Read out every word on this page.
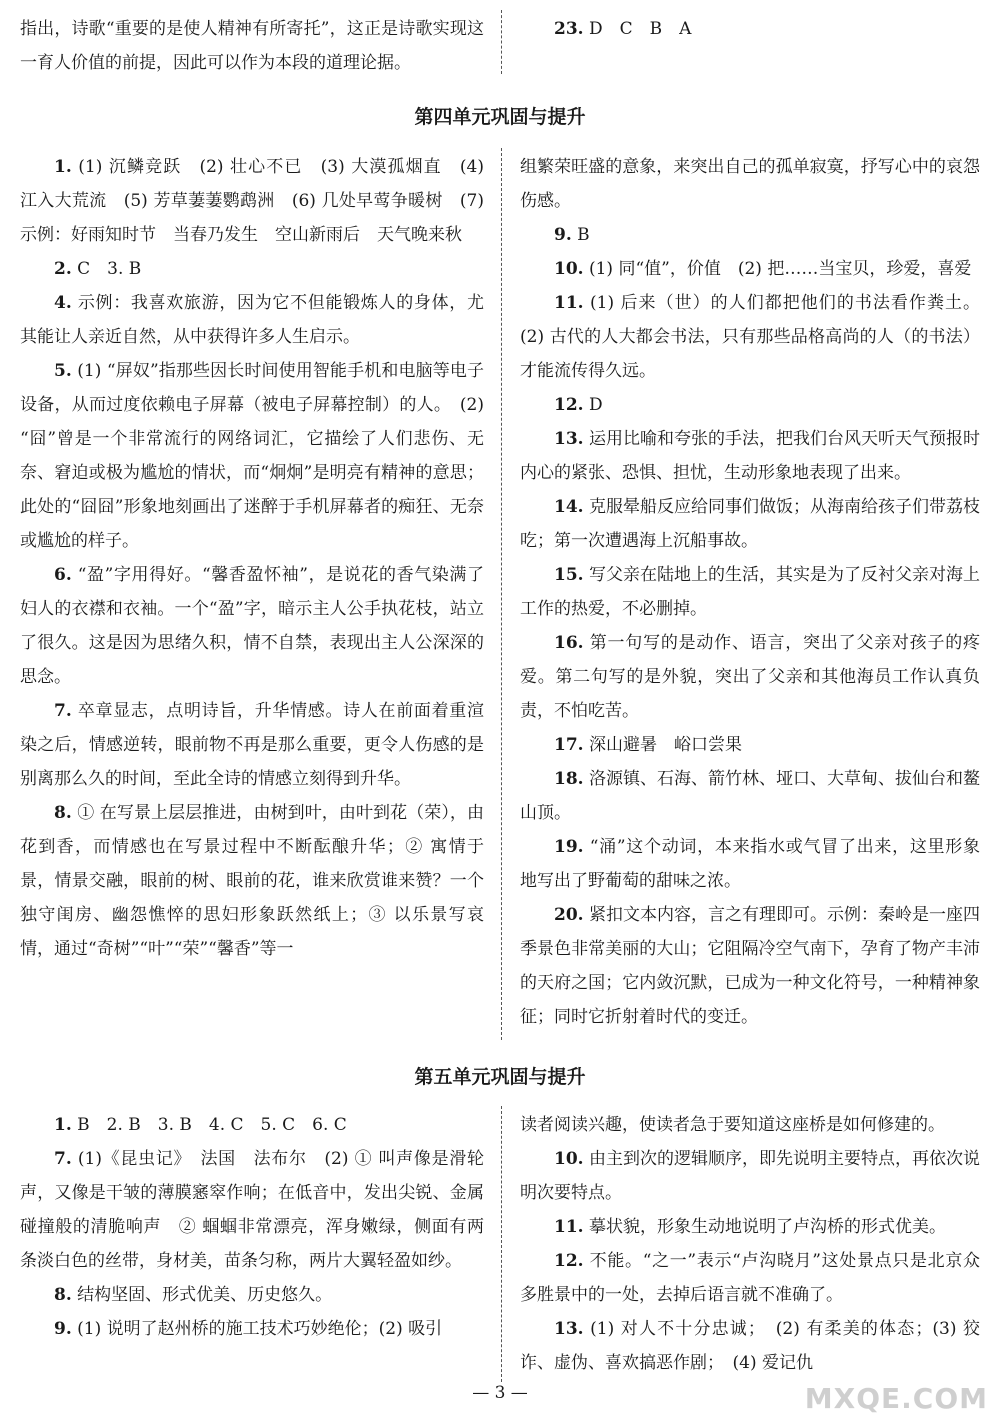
指出，诗歌“重要的是使人精神有所寄托”，这正是诗歌实现这一育人价值的前提，因此可以作为本段的道理论据。

23. D　C　B　A

第四单元巩固与提升

1. (1) 沉鳞竞跃　(2) 壮心不已　(3) 大漠孤烟直　(4) 江入大荒流　(5) 芳草萋萋鹦鹉洲　(6) 几处早莺争暖树　(7) 示例：好雨知时节　当春乃发生　空山新雨后　天气晚来秋

2. C　3. B

4. 示例：我喜欢旅游，因为它不但能锻炼人的身体，尤其能让人亲近自然，从中获得许多人生启示。

5. (1) “屏奴”指那些因长时间使用智能手机和电脑等电子设备，从而过度依赖电子屏幕（被电子屏幕控制）的人。　(2) “囧”曾是一个非常流行的网络词汇，它描绘了人们悲伤、无奈、窘迫或极为尴尬的情状，而“炯炯”是明亮有精神的意思；此处的“囧囧”形象地刻画出了迷醉于手机屏幕者的痴狂、无奈或尴尬的样子。

6. “盈”字用得好。“馨香盈怀袖”，是说花的香气染满了妇人的衣襟和衣袖。一个“盈”字，暗示主人公手执花枝，站立了很久。这是因为思绪久积，情不自禁，表现出主人公深深的思念。

7. 卒章显志，点明诗旨，升华情感。诗人在前面着重渲染之后，情感逆转，眼前物不再是那么重要，更令人伤感的是别离那么久的时间，至此全诗的情感立刻得到升华。

8. ① 在写景上层层推进，由树到叶，由叶到花（荣），由花到香，而情感也在写景过程中不断酝酿升华；② 寓情于景，情景交融，眼前的树、眼前的花，谁来欣赏谁来赞？一个独守闺房、幽怨憔悴的思妇形象跃然纸上；③ 以乐景写哀情，通过“奇树”“叶”“荣”“馨香”等一

组繁荣旺盛的意象，来突出自己的孤单寂寞，抒写心中的哀怨伤感。

9. B

10. (1) 同“值”，价值　(2) 把……当宝贝，珍爱，喜爱

11. (1) 后来（世）的人们都把他们的书法看作粪土。(2) 古代的人大都会书法，只有那些品格高尚的人（的书法）才能流传得久远。

12. D

13. 运用比喻和夸张的手法，把我们台风天听天气预报时内心的紧张、恐惧、担忧，生动形象地表现了出来。

14. 克服晕船反应给同事们做饭；从海南给孩子们带荔枝吃；第一次遭遇海上沉船事故。

15. 写父亲在陆地上的生活，其实是为了反衬父亲对海上工作的热爱，不必删掉。

16. 第一句写的是动作、语言，突出了父亲对孩子的疼爱。第二句写的是外貌，突出了父亲和其他海员工作认真负责，不怕吃苦。

17. 深山避暑　峪口尝果

18. 洛源镇、石海、箭竹林、垭口、大草甸、拔仙台和鳌山顶。

19. “涌”这个动词，本来指水或气冒了出来，这里形象地写出了野葡萄的甜味之浓。

20. 紧扣文本内容，言之有理即可。示例：秦岭是一座四季景色非常美丽的大山；它阻隔冷空气南下，孕育了物产丰沛的天府之国；它内敛沉默，已成为一种文化符号，一种精神象征；同时它折射着时代的变迁。

第五单元巩固与提升

1. B　2. B　3. B　4. C　5. C　6. C

7. (1)《昆虫记》　法国　法布尔　(2) ① 叫声像是滑轮声，又像是干皱的薄膜窸窣作响；在低音中，发出尖锐、金属碰撞般的清脆响声　② 蝈蝈非常漂亮，浑身嫩绿，侧面有两条淡白色的丝带，身材美，苗条匀称，两片大翼轻盈如纱。

8. 结构坚固、形式优美、历史悠久。

9. (1) 说明了赵州桥的施工技术巧妙绝伦；(2) 吸引

读者阅读兴趣，使读者急于要知道这座桥是如何修建的。

10. 由主到次的逻辑顺序，即先说明主要特点，再依次说明次要特点。

11. 摹状貌，形象生动地说明了卢沟桥的形式优美。

12. 不能。“之一”表示“卢沟晓月”这处景点只是北京众多胜景中的一处，去掉后语言就不准确了。

13. (1) 对人不十分忠诚；　(2) 有柔美的体态；(3) 狡诈、虚伪、喜欢搞恶作剧；　(4) 爱记仇

— 3 —	MXQE.COM
